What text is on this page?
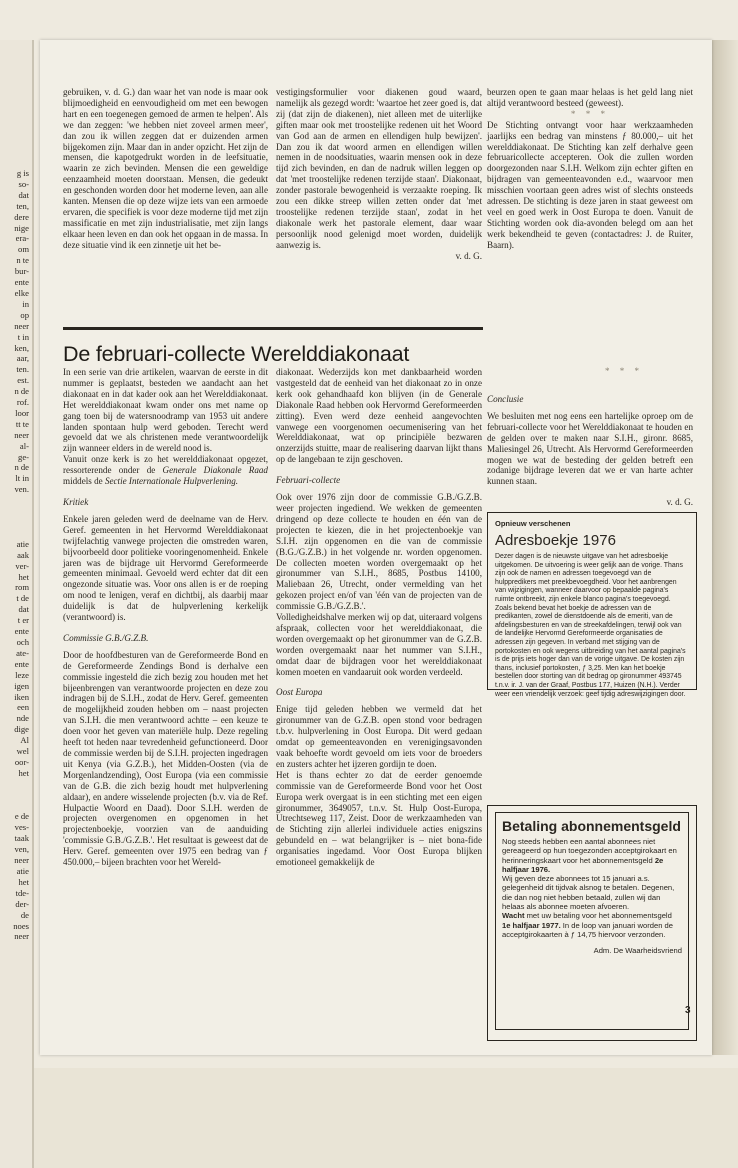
g is

so-

dat

ten,

dere

nige

era-

om

n te

bur-

ente

elke

in

op

neer

t in

ken,

aar,

ten.

est.

n de

rof.

loor

tt te

neer

al-

ge-

n de

lt in

ven.

atie

aak

ver-

het

rom

t de

dat

t er

ente

och

ate-

ente

leze

igen

iken

een

nde

dige

Al

wel

oor-

het

e de

ves-

taak

ven,

neer

atie

het

tde-

der-

de

noes

neer

gebruiken, v. d. G.) dan waar het van node is maar ook blijmoedigheid en eenvoudigheid om met een bewogen hart en een toegenegen gemoed de armen te helpen'. Als we dan zeggen: 'we hebben niet zoveel armen meer', dan zou ik willen zeggen dat er duizenden armen bijgekomen zijn. Maar dan in ander opzicht. Het zijn de mensen, die kapotgedrukt worden in de leefsituatie, waarin ze zich bevinden. Mensen die een geweldige eenzaamheid moeten doorstaan. Mensen, die gedeukt en geschonden worden door het moderne leven, aan alle kanten. Mensen die op deze wijze iets van een armoede ervaren, die specifiek is voor deze moderne tijd met zijn massificatie en met zijn industrialisatie, met zijn langs elkaar heen leven en dan ook het opgaan in de massa. In deze situatie vind ik een zinnetje uit het be-

vestigingsformulier voor diakenen goud waard, namelijk als gezegd wordt: 'waartoe het zeer goed is, dat zij (dat zijn de diakenen), niet alleen met de uiterlijke giften maar ook met troostelijke redenen uit het Woord van God aan de armen en ellendigen hulp bewijzen'. Dan zou ik dat woord armen en ellendigen willen nemen in de noodsituaties, waarin mensen ook in deze tijd zich bevinden, en dan de nadruk willen leggen op dat 'met troostelijke redenen terzijde staan'. Diakonaat, zonder pastorale bewogenheid is verzaakte roeping. Ik zou een dikke streep willen zetten onder dat 'met troostelijke redenen terzijde staan', zodat in het diakonale werk het pastorale element, daar waar persoonlijk nood gelenigd moet worden, duidelijk aanwezig is.

v. d. G.

beurzen open te gaan maar helaas is het geld lang niet altijd verantwoord besteed (geweest).

* * *

De Stichting ontvangt voor haar werkzaamheden jaarlijks een bedrag van minstens ƒ 80.000,– uit het werelddiakonaat. De Stichting kan zelf derhalve geen februaricollecte accepteren. Ook die zullen worden doorgezonden naar S.I.H. Welkom zijn echter giften en bijdragen van gemeenteavonden e.d., waarvoor men misschien voortaan geen adres wist of slechts onsteeds adressen. De stichting is deze jaren in staat geweest om veel en goed werk in Oost Europa te doen. Vanuit de Stichting worden ook dia-avonden belegd om aan het werk bekendheid te geven (contactadres: J. de Ruiter, Baarn).

De februari-collecte Werelddiakonaat
* * *

In een serie van drie artikelen, waarvan de eerste in dit nummer is geplaatst, besteden we aandacht aan het diakonaat en in dat kader ook aan het Werelddiakonaat. Het werelddiakonaat kwam onder ons met name op gang toen bij de watersnoodramp van 1953 uit andere landen spontaan hulp werd geboden. Terecht werd gevoeld dat we als christenen mede verantwoordelijk zijn wanneer elders in de wereld nood is.

Vanuit onze kerk is zo het werelddiakonaat opgezet, ressorterende onder de Generale Diakonale Raad middels de Sectie Internationale Hulpverlening.

Kritiek

Enkele jaren geleden werd de deelname van de Herv. Geref. gemeenten in het Hervormd Werelddiakonaat twijfelachtig vanwege projecten die omstreden waren, bijvoorbeeld door politieke vooringenomenheid. Enkele jaren was de bijdrage uit Hervormd Gereformeerde gemeenten minimaal. Gevoeld werd echter dat dit een ongezonde situatie was. Voor ons allen is er de roeping om nood te lenigen, veraf en dichtbij, als daarbij maar duidelijk is dat de hulpverlening kerkelijk (verantwoord) is.

Commissie G.B./G.Z.B.

Door de hoofdbesturen van de Gereformeerde Bond en de Gereformeerde Zendings Bond is derhalve een commissie ingesteld die zich bezig zou houden met het bijeenbrengen van verantwoorde projecten en deze zou indragen bij de S.I.H., zodat de Herv. Geref. gemeenten de mogelijkheid zouden hebben om – naast projecten van S.I.H. die men verantwoord achtte – een keuze te doen voor het geven van materiële hulp. Deze regeling heeft tot heden naar tevredenheid gefunctioneerd. Door de commissie werden bij de S.I.H. projecten ingedragen uit Kenya (via G.Z.B.), het Midden-Oosten (via de Morgenlandzending), Oost Europa (via een commissie van de G.B. die zich bezig houdt met hulpverlening aldaar), en andere wisselende projecten (b.v. via de Ref. Hulpactie Woord en Daad). Door S.I.H. werden de projecten overgenomen en opgenomen in het projectenboekje, voorzien van de aanduiding 'commissie G.B./G.Z.B.'. Het resultaat is geweest dat de Herv. Geref. gemeenten over 1975 een bedrag van ƒ 450.000,– bijeen brachten voor het Wereld-

diakonaat. Wederzijds kon met dankbaarheid worden vastgesteld dat de eenheid van het diakonaat zo in onze kerk ook gehandhaafd kon blijven (in de Generale Diakonale Raad hebben ook Hervormd Gereformeerden zitting). Even werd deze eenheid aangevochten vanwege een voorgenomen oecumenisering van het Werelddiakonaat, wat op principiële bezwaren onzerzijds stuitte, maar de realisering daarvan lijkt thans op de langebaan te zijn geschoven.

Februari-collecte

Ook over 1976 zijn door de commissie G.B./G.Z.B. weer projecten ingediend. We wekken de gemeenten dringend op deze collecte te houden en één van de projecten te kiezen, die in het projectenboekje van S.I.H. zijn opgenomen en die van de commissie (B.G./G.Z.B.) in het volgende nr. worden opgenomen. De collecten moeten worden overgemaakt op het gironummer van S.I.H., 8685, Postbus 14100, Maliebaan 26, Utrecht, onder vermelding van het gekozen project en/of van 'één van de projecten van de commissie G.B./G.Z.B.'.

Volledigheidshalve merken wij op dat, uiteraard volgens afspraak, collecten voor het werelddiakonaat, die worden overgemaakt op het gironummer van de G.Z.B. worden overgemaakt naar het nummer van S.I.H., omdat daar de bijdragen voor het werelddiakonaat komen moeten en vandaaruit ook worden verdeeld.

Oost Europa

Enige tijd geleden hebben we vermeld dat het gironummer van de G.Z.B. open stond voor bedragen t.b.v. hulpverlening in Oost Europa. Dit werd gedaan omdat op gemeenteavonden en verenigingsavonden vaak behoefte wordt gevoeld om iets voor de broeders en zusters achter het ijzeren gordijn te doen.

Het is thans echter zo dat de eerder genoemde commissie van de Gereformeerde Bond voor het Oost Europa werk overgaat is in een stichting met een eigen gironummer, 3649057, t.n.v. St. Hulp Oost-Europa, Utrechtseweg 117, Zeist. Door de werkzaamheden van de Stichting zijn allerlei individuele acties enigszins gebundeld en – wat belangrijker is – niet bona-fide organisaties ingedamd. Voor Oost Europa blijken emotioneel gemakkelijk de

Conclusie

We besluiten met nog eens een hartelijke oproep om de februari-collecte voor het Werelddiakonaat te houden en de gelden over te maken naar S.I.H., gironr. 8685, Maliesingel 26, Utrecht. Als Hervormd Gereformeerden mogen we wat de besteding der gelden betreft een zodanige bijdrage leveren dat we er van harte achter kunnen staan.

v. d. G.

Opnieuw verschenen
Adresboekje 1976
Dezer dagen is de nieuwste uitgave van het adresboekje uitgekomen. De uitvoering is weer gelijk aan de vorige. Thans zijn ook de namen en adressen toegevoegd van de hulppredikers met preekbevoegdheid. Voor het aanbrengen van wijzigingen, wanneer daarvoor op bepaalde pagina's ruimte ontbreekt, zijn enkele blanco pagina's toegevoegd. Zoals bekend bevat het boekje de adressen van de predikanten, zowel de dienstdoende als de emeriti, van de afdelingsbesturen en van de streekafdelingen, terwijl ook van de landelijke Hervormd Gereformeerde organisaties de adressen zijn gegeven. In verband met stijging van de portokosten en ook wegens uitbreiding van het aantal pagina's is de prijs iets hoger dan van de vorige uitgave. De kosten zijn thans, inclusief portokosten, ƒ 3,25. Men kan het boekje bestellen door storting van dit bedrag op gironummer 493745 t.n.v. ir. J. van der Graaf, Postbus 177, Huizen (N.H.). Verder weer een vriendelijk verzoek: geef tijdig adreswijzigingen door.
Betaling abonnementsgeld
Nog steeds hebben een aantal abonnees niet gereageerd op hun toegezonden acceptgirokaart en herinneringskaart voor het abonnementsgeld 2e halfjaar 1976.
Wij geven deze abonnees tot 15 januari a.s. gelegenheid dit tijdvak alsnog te betalen. Degenen, die dan nog niet hebben betaald, zullen wij dan helaas als abonnee moeten afvoeren.
Wacht met uw betaling voor het abonnementsgeld 1e halfjaar 1977. In de loop van januari worden de acceptgirokaarten à ƒ 14,75 hiervoor verzonden.
Adm. De Waarheidsvriend
3
